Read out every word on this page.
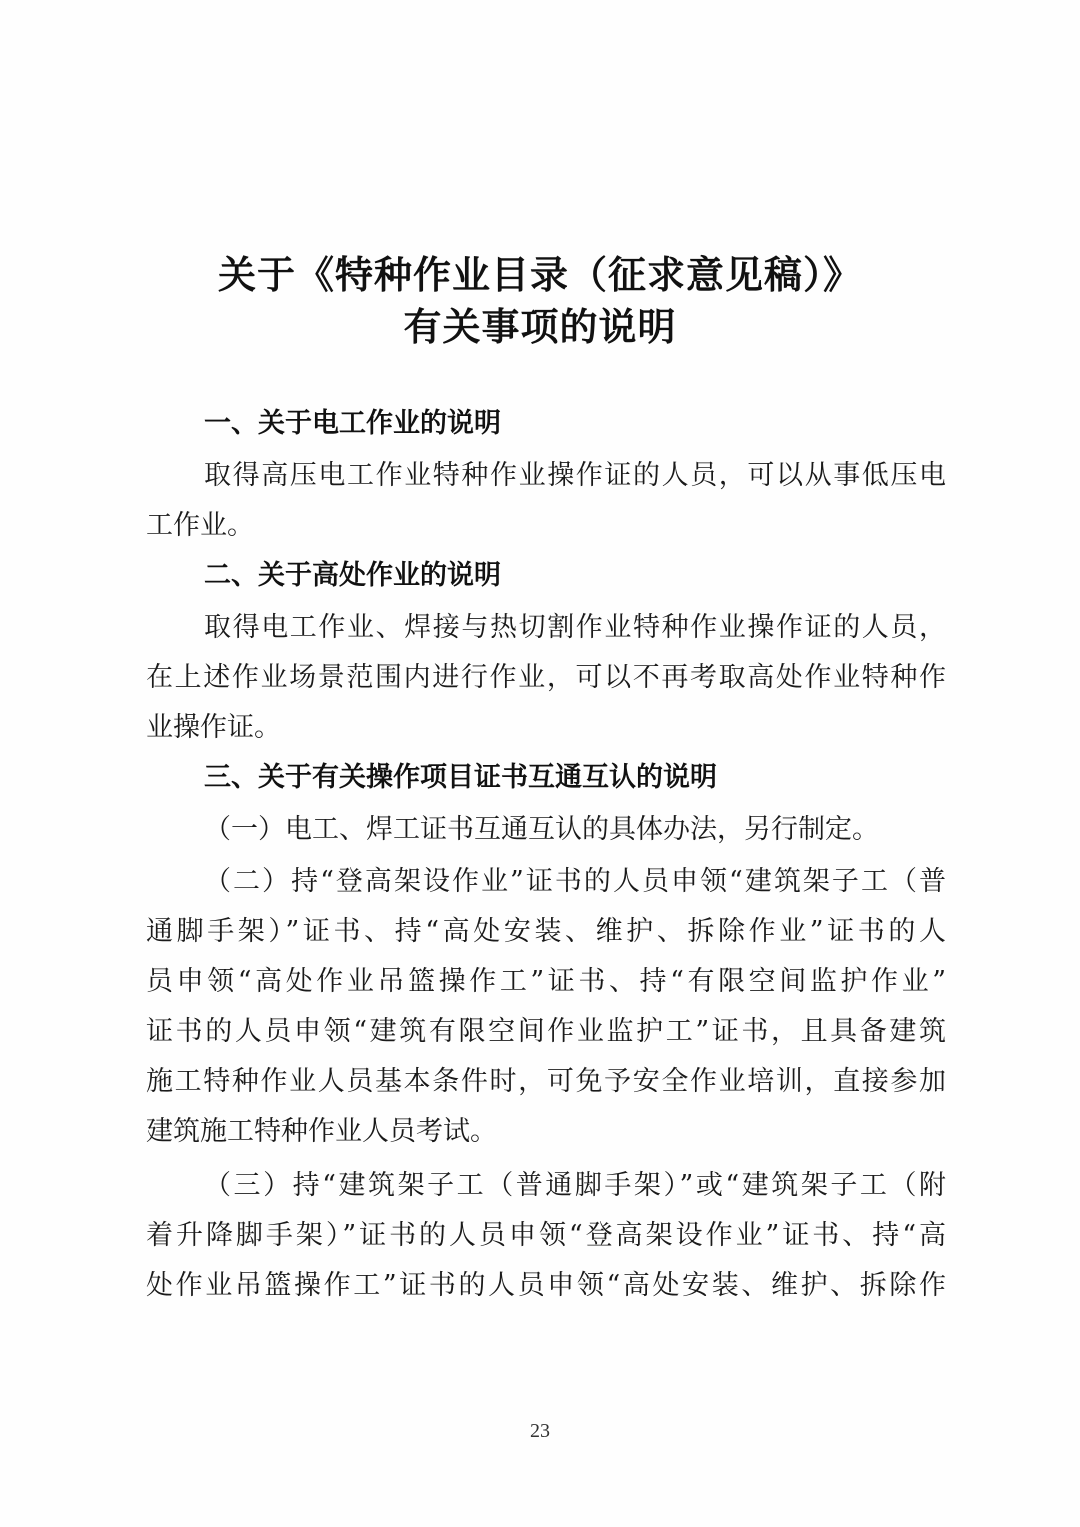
关于《特种作业目录（征求意见稿）》
有关事项的说明
一、关于电工作业的说明
取得高压电工作业特种作业操作证的人员，可以从事低压电
工作业。
二、关于高处作业的说明
取得电工作业、焊接与热切割作业特种作业操作证的人员，
在上述作业场景范围内进行作业，可以不再考取高处作业特种作
业操作证。
三、关于有关操作项目证书互通互认的说明
（一）电工、焊工证书互通互认的具体办法，另行制定。
（二）持“登高架设作业”证书的人员申领“建筑架子工（普
通脚手架）”证书、持“高处安装、维护、拆除作业”证书的人
员申领“高处作业吊篮操作工”证书、持“有限空间监护作业”
证书的人员申领“建筑有限空间作业监护工”证书，且具备建筑
施工特种作业人员基本条件时，可免予安全作业培训，直接参加
建筑施工特种作业人员考试。
（三）持“建筑架子工（普通脚手架）”或“建筑架子工（附
着升降脚手架）”证书的人员申领“登高架设作业”证书、持“高
处作业吊篮操作工”证书的人员申领“高处安装、维护、拆除作
23
